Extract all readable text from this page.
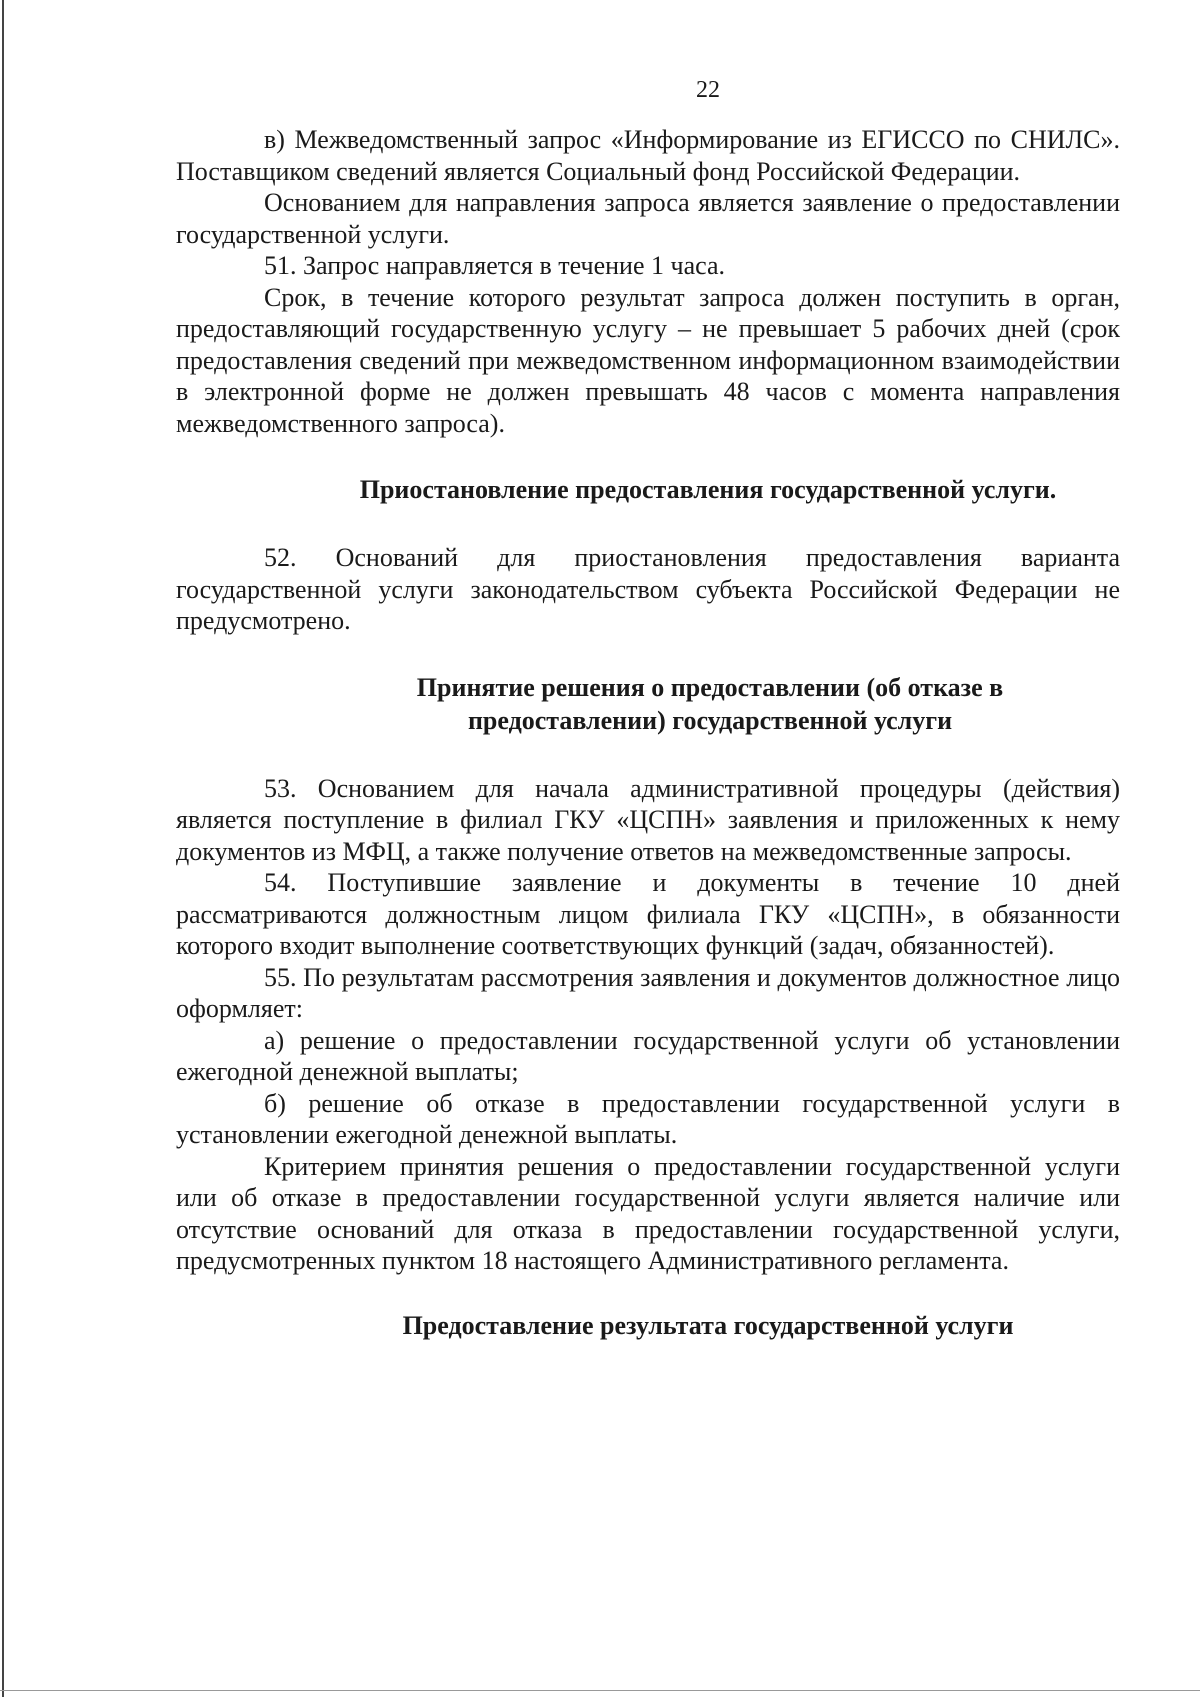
22

в) Межведомственный запрос «Информирование из ЕГИССО по СНИЛС». Поставщиком сведений является Социальный фонд Российской Федерации.

Основанием для направления запроса является заявление о предоставлении государственной услуги.

51. Запрос направляется в течение 1 часа.

Срок, в течение которого результат запроса должен поступить в орган, предоставляющий государственную услугу – не превышает 5 рабочих дней (срок предоставления сведений при межведомственном информационном взаимодействии в электронной форме не должен превышать 48 часов с момента направления межведомственного запроса).

Приостановление предоставления государственной услуги.

52. Оснований для приостановления предоставления варианта государственной услуги законодательством субъекта Российской Федерации не предусмотрено.

Принятие решения о предоставлении (об отказе в
предоставлении) государственной услуги

53. Основанием для начала административной процедуры (действия) является поступление в филиал ГКУ «ЦСПН» заявления и приложенных к нему документов из МФЦ, а также получение ответов на межведомственные запросы.

54. Поступившие заявление и документы в течение 10 дней рассматриваются должностным лицом филиала ГКУ «ЦСПН», в обязанности которого входит выполнение соответствующих функций (задач, обязанностей).

55. По результатам рассмотрения заявления и документов должностное лицо оформляет:

а) решение о предоставлении государственной услуги об установлении ежегодной денежной выплаты;

б) решение об отказе в предоставлении государственной услуги в установлении ежегодной денежной выплаты.

Критерием принятия решения о предоставлении государственной услуги или об отказе в предоставлении государственной услуги является наличие или отсутствие оснований для отказа в предоставлении государственной услуги, предусмотренных пунктом 18 настоящего Административного регламента.

Предоставление результата государственной услуги
